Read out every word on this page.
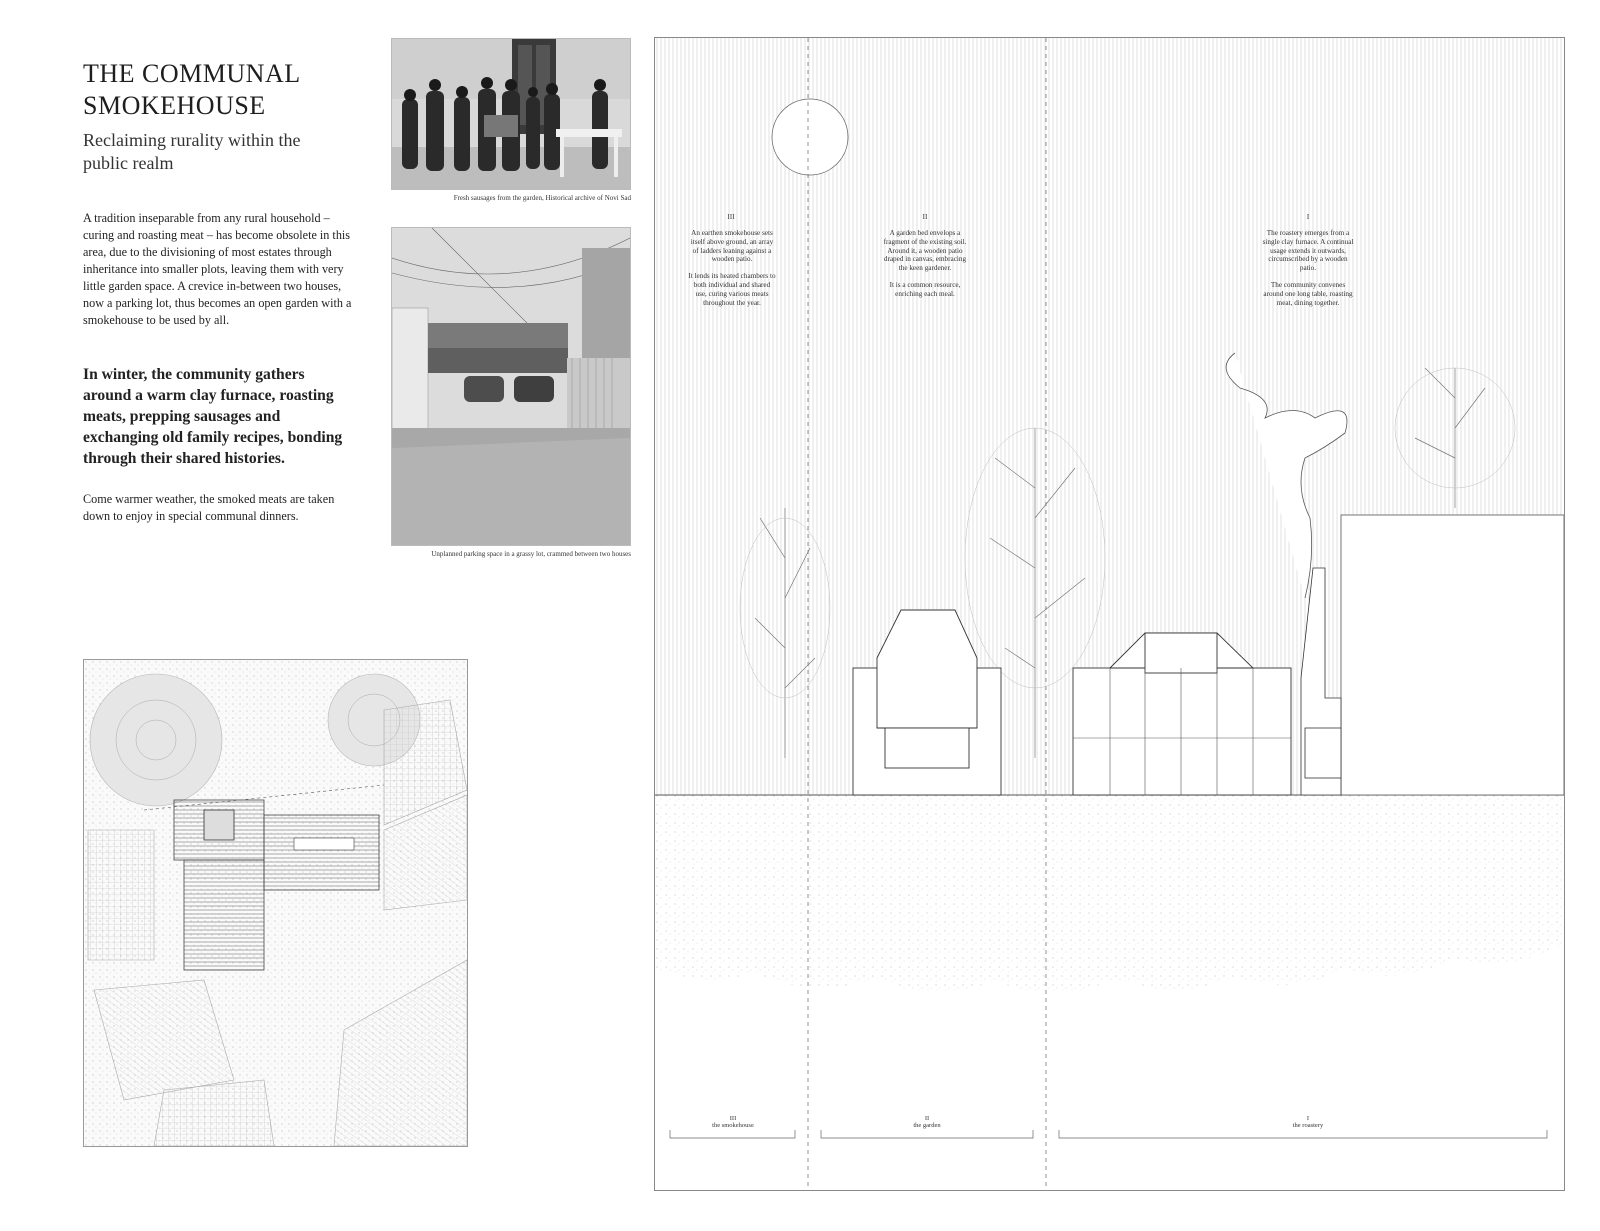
THE COMMUNAL
SMOKEHOUSE
Reclaiming rurality within the public realm
A tradition inseparable from any rural household – curing and roasting meat – has become obsolete in this area, due to the divisioning of most estates through inheritance into smaller plots, leaving them with very little garden space. A crevice in-between two houses, now a parking lot, thus becomes an open garden with a smokehouse to be used by all.
In winter, the community gathers around a warm clay furnace, roasting meats, prepping sausages and exchanging old family recipes, bonding through their shared histories.
Come warmer weather, the smoked meats are taken down to enjoy in special communal dinners.
Fresh sausages from the garden, Historical archive of Novi Sad
Unplanned parking space in a grassy lot, crammed between two houses
III

An earthen smokehouse sets itself above ground, an array of ladders leaning against a wooden patio.

It lends its heated chambers to both individual and shared use, curing various meats throughout the year.

II

A garden bed envelops a fragment of the existing soil. Around it, a wooden patio draped in canvas, embracing the keen gardener.

It is a common resource, enriching each meal.

I

The roastery emerges from a single clay furnace. A continual usage extends it outwards, circumscribed by a wooden patio.

The community convenes around one long table, roasting meat, dining together.

III
the smokehouse
II
the garden
I
the roastery
